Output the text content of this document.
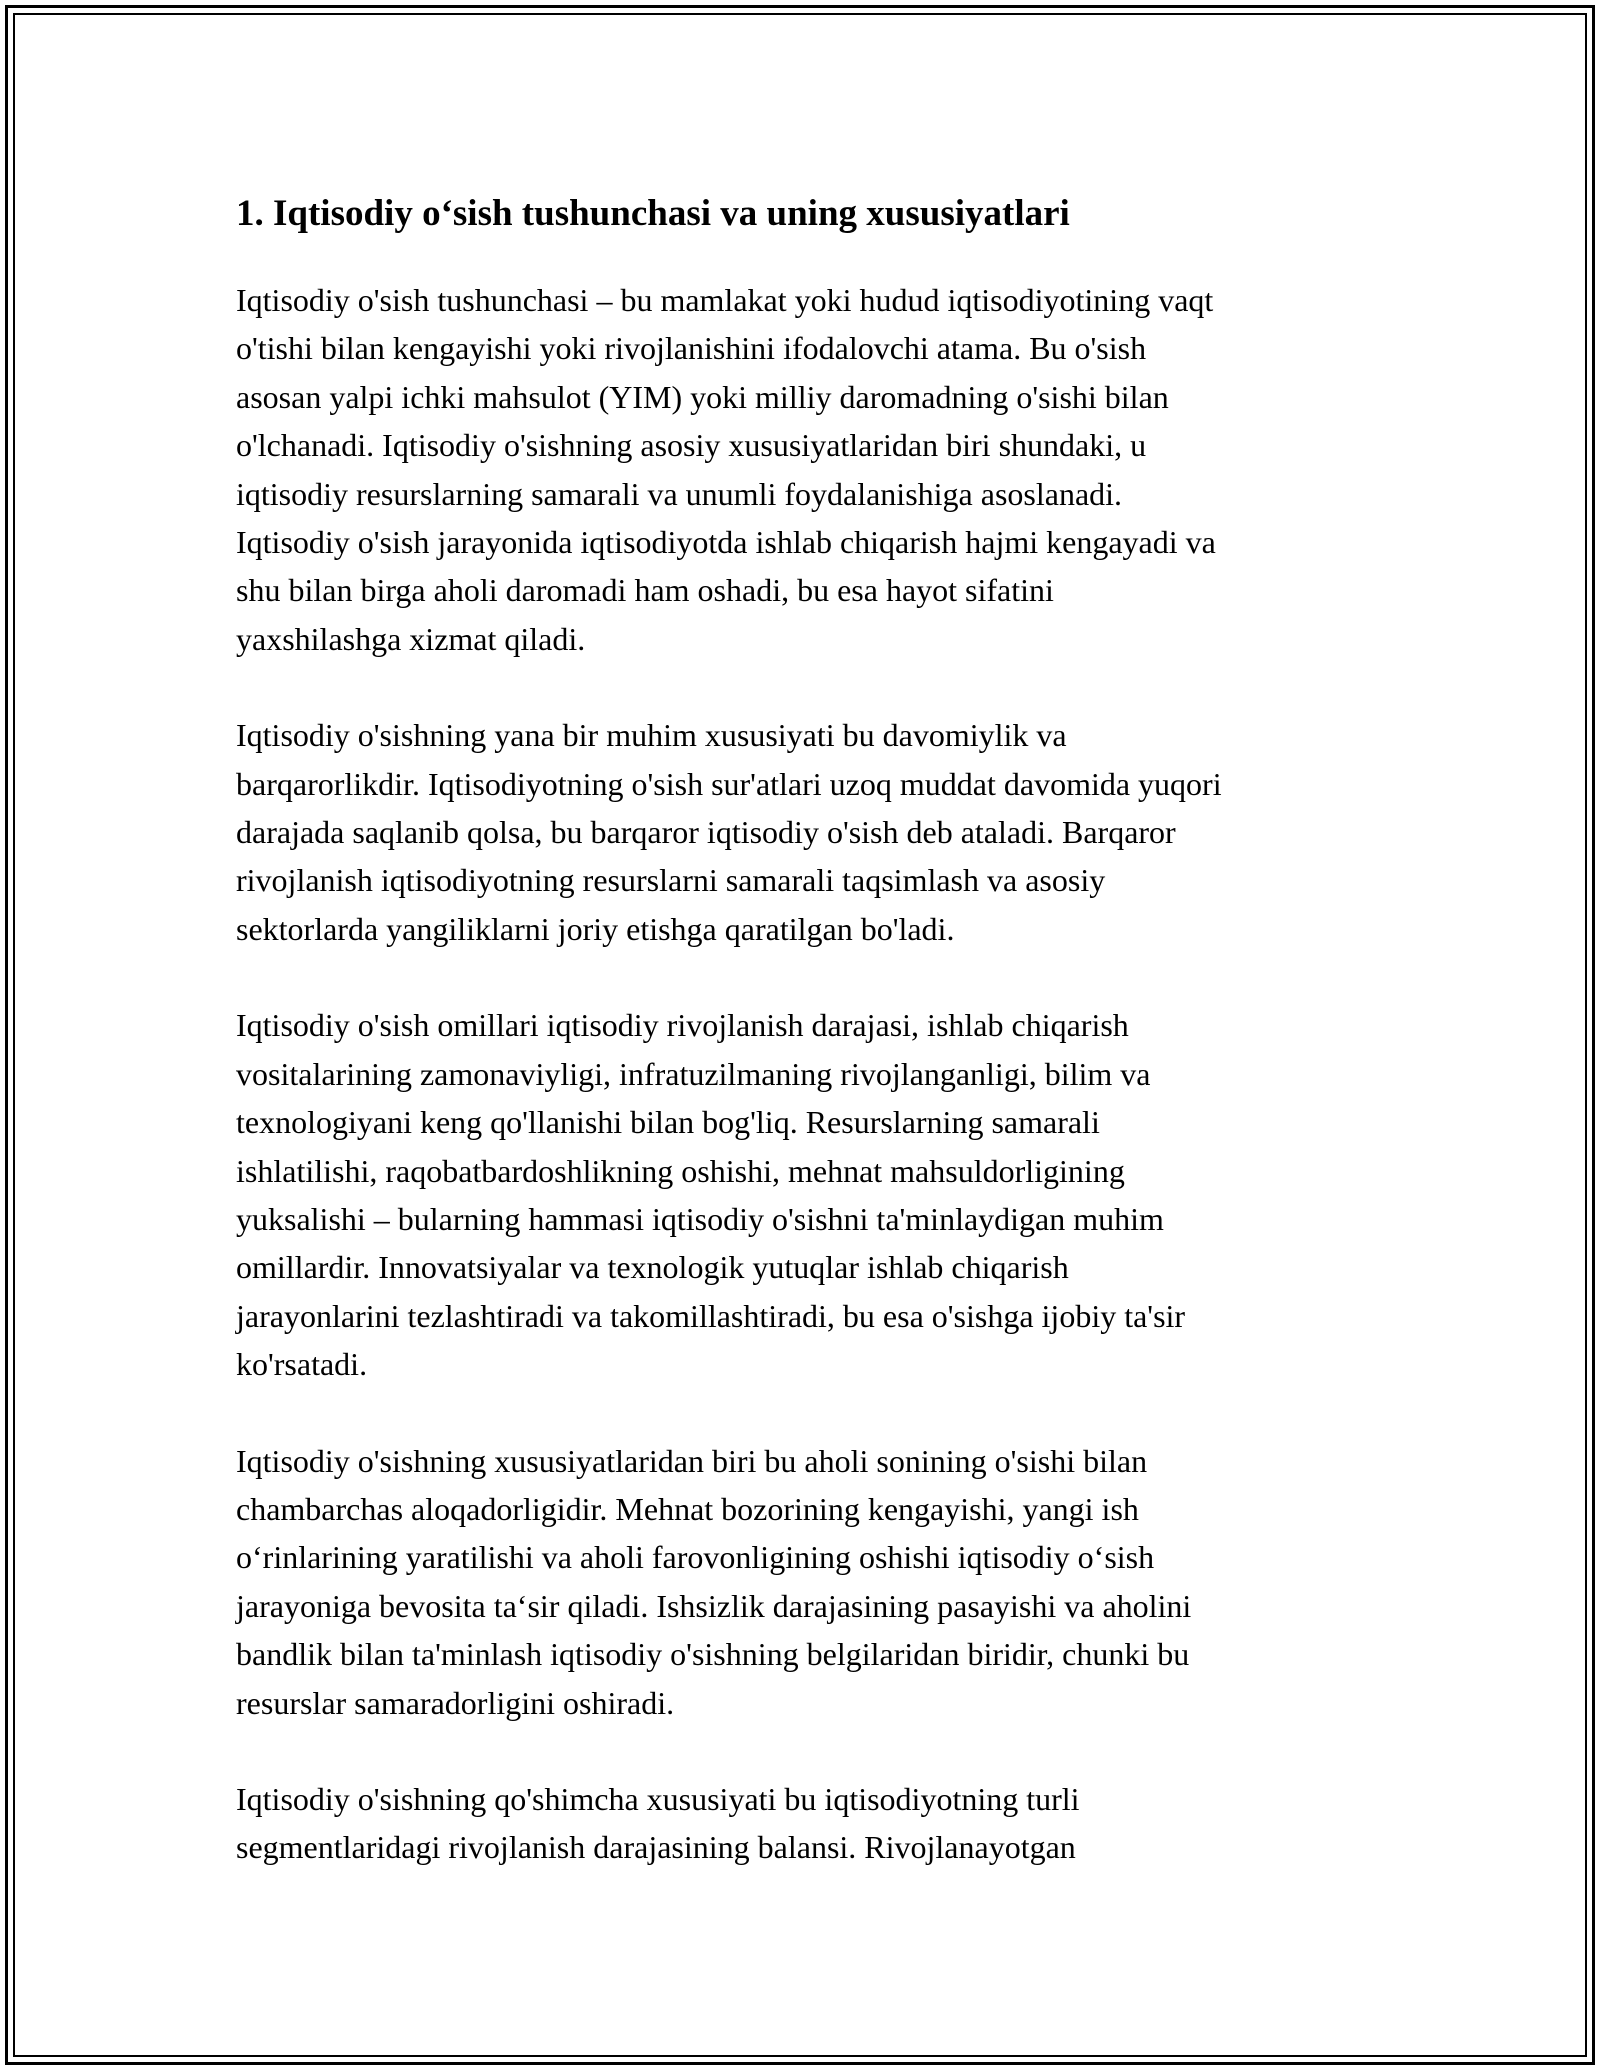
1. Iqtisodiy o‘sish tushunchasi va uning xususiyatlari

Iqtisodiy o'sish tushunchasi – bu mamlakat yoki hudud iqtisodiyotining vaqt
o'tishi bilan kengayishi yoki rivojlanishini ifodalovchi atama. Bu o'sish
asosan yalpi ichki mahsulot (YIM) yoki milliy daromadning o'sishi bilan
o'lchanadi. Iqtisodiy o'sishning asosiy xususiyatlaridan biri shundaki, u
iqtisodiy resurslarning samarali va unumli foydalanishiga asoslanadi.
Iqtisodiy o'sish jarayonida iqtisodiyotda ishlab chiqarish hajmi kengayadi va
shu bilan birga aholi daromadi ham oshadi, bu esa hayot sifatini
yaxshilashga xizmat qiladi.

Iqtisodiy o'sishning yana bir muhim xususiyati bu davomiylik va
barqarorlikdir. Iqtisodiyotning o'sish sur'atlari uzoq muddat davomida yuqori
darajada saqlanib qolsa, bu barqaror iqtisodiy o'sish deb ataladi. Barqaror
rivojlanish iqtisodiyotning resurslarni samarali taqsimlash va asosiy
sektorlarda yangiliklarni joriy etishga qaratilgan bo'ladi.

Iqtisodiy o'sish omillari iqtisodiy rivojlanish darajasi, ishlab chiqarish
vositalarining zamonaviyligi, infratuzilmaning rivojlanganligi, bilim va
texnologiyani keng qo'llanishi bilan bog'liq. Resurslarning samarali
ishlatilishi, raqobatbardoshlikning oshishi, mehnat mahsuldorligining
yuksalishi – bularning hammasi iqtisodiy o'sishni ta'minlaydigan muhim
omillardir. Innovatsiyalar va texnologik yutuqlar ishlab chiqarish
jarayonlarini tezlashtiradi va takomillashtiradi, bu esa o'sishga ijobiy ta'sir
ko'rsatadi.

Iqtisodiy o'sishning xususiyatlaridan biri bu aholi sonining o'sishi bilan
chambarchas aloqadorligidir. Mehnat bozorining kengayishi, yangi ish
o‘rinlarining yaratilishi va aholi farovonligining oshishi iqtisodiy o‘sish
jarayoniga bevosita ta‘sir qiladi. Ishsizlik darajasining pasayishi va aholini
bandlik bilan ta'minlash iqtisodiy o'sishning belgilaridan biridir, chunki bu
resurslar samaradorligini oshiradi.

Iqtisodiy o'sishning qo'shimcha xususiyati bu iqtisodiyotning turli
segmentlaridagi rivojlanish darajasining balansi. Rivojlanayotgan
